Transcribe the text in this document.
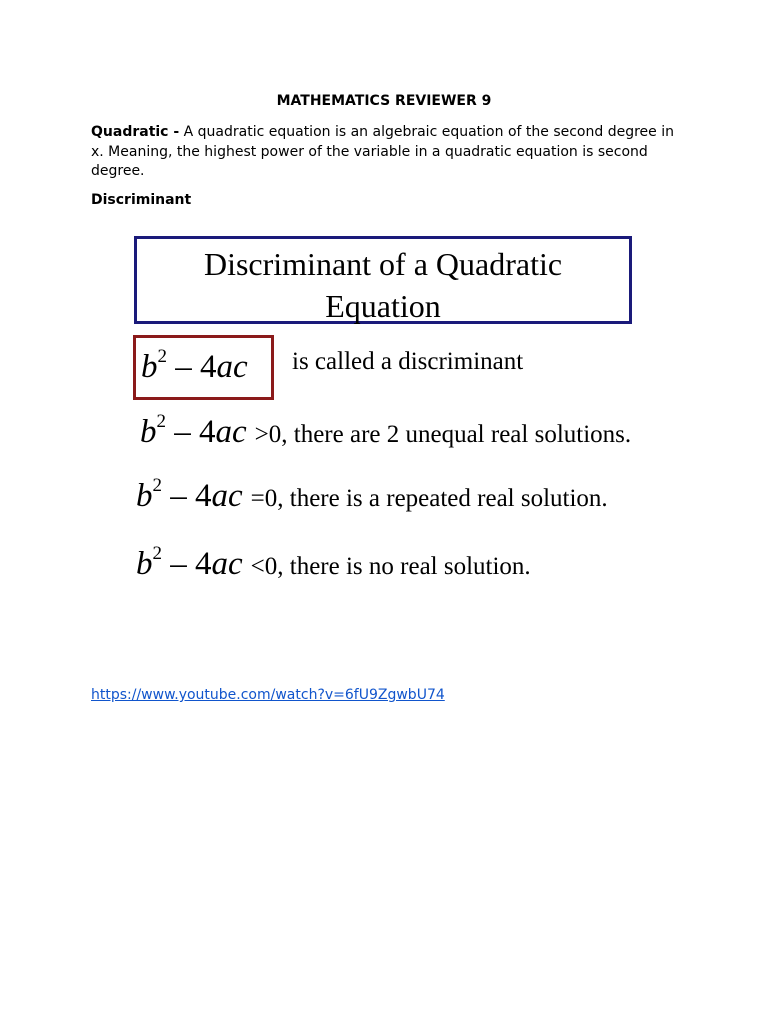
MATHEMATICS REVIEWER 9
Quadratic - A quadratic equation is an algebraic equation of the second degree in x. Meaning, the highest power of the variable in a quadratic equation is second degree.
Discriminant
Discriminant of a Quadratic
Equation
$b^2 - 4ac$ is called a discriminant
$b^2 - 4ac >0$, there are 2 unequal real solutions.
$b^2 - 4ac =0$, there is a repeated real solution.
$b^2 - 4ac <0$, there is no real solution.
https://www.youtube.com/watch?v=6fU9ZgwbU74
